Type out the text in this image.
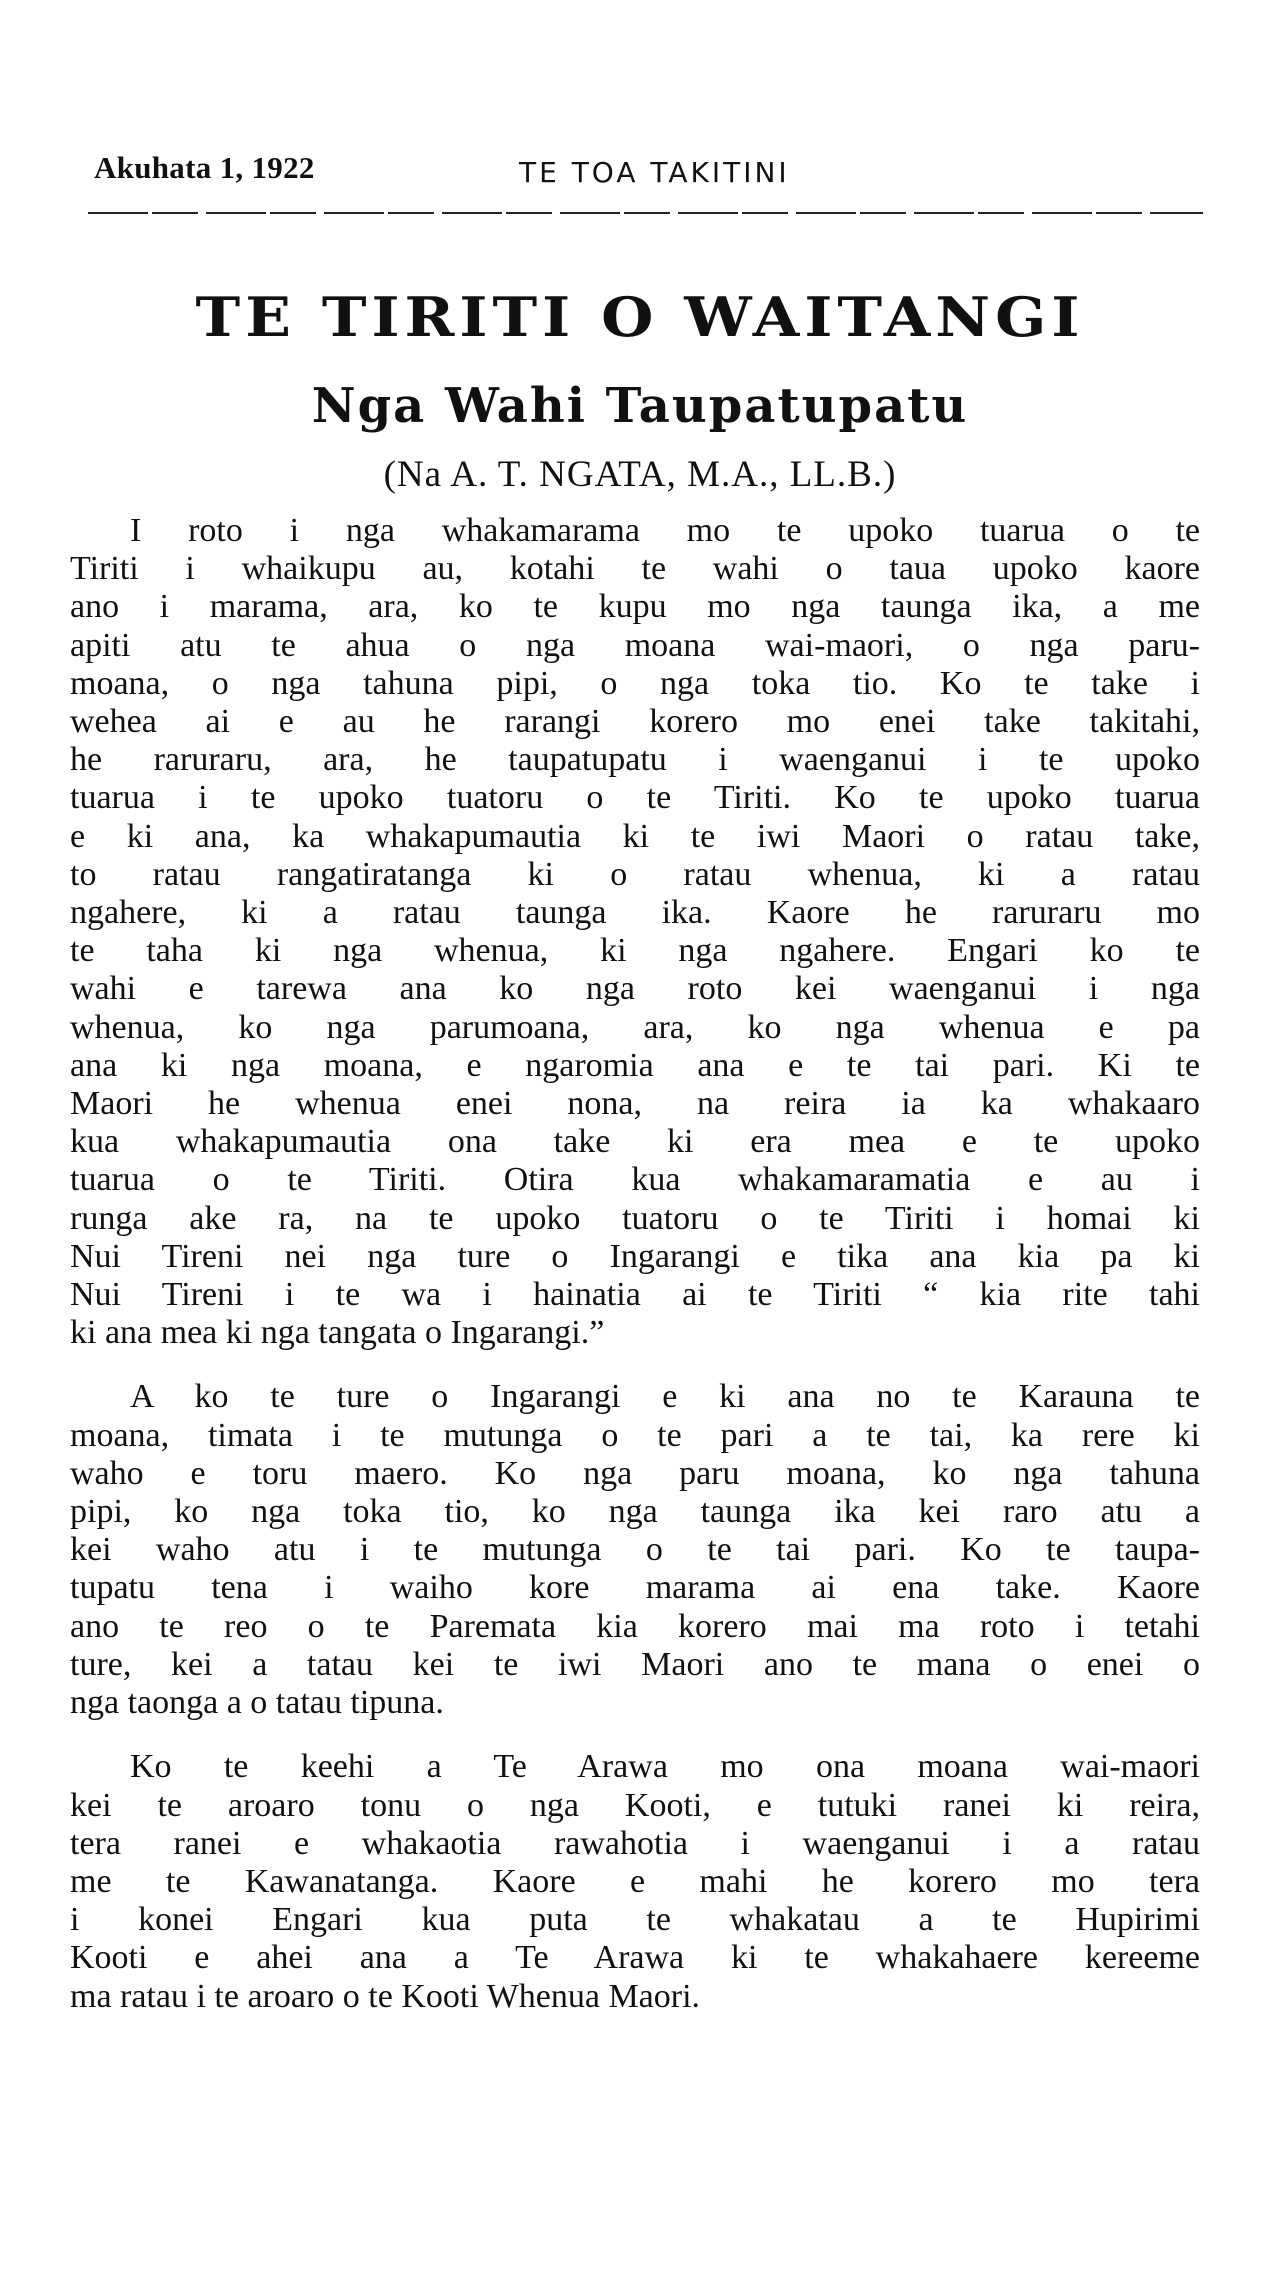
Akuhata 1, 1922	TE TOA TAKITINI
TE TIRITI O WAITANGI
Nga Wahi Taupatupatu
(Na A. T. NGATA, M.A., LL.B.)
I roto i nga whakamarama mo te upoko tuarua o te
Tiriti i whaikupu au, kotahi te wahi o taua upoko kaore
ano i marama, ara, ko te kupu mo nga taunga ika, a me
apiti atu te ahua o nga moana wai-maori, o nga paru-
moana, o nga tahuna pipi, o nga toka tio. Ko te take i
wehea ai e au he rarangi korero mo enei take takitahi,
he raruraru, ara, he taupatupatu i waenganui i te upoko
tuarua i te upoko tuatoru o te Tiriti. Ko te upoko tuarua
e ki ana, ka whakapumautia ki te iwi Maori o ratau take,
to ratau rangatiratanga ki o ratau whenua, ki a ratau
ngahere, ki a ratau taunga ika. Kaore he raruraru mo
te taha ki nga whenua, ki nga ngahere. Engari ko te
wahi e tarewa ana ko nga roto kei waenganui i nga
whenua, ko nga parumoana, ara, ko nga whenua e pa
ana ki nga moana, e ngaromia ana e te tai pari. Ki te
Maori he whenua enei nona, na reira ia ka whakaaro
kua whakapumautia ona take ki era mea e te upoko
tuarua o te Tiriti. Otira kua whakamaramatia e au i
runga ake ra, na te upoko tuatoru o te Tiriti i homai ki
Nui Tireni nei nga ture o Ingarangi e tika ana kia pa ki
Nui Tireni i te wa i hainatia ai te Tiriti “ kia rite tahi
ki ana mea ki nga tangata o Ingarangi.”
A ko te ture o Ingarangi e ki ana no te Karauna te
moana, timata i te mutunga o te pari a te tai, ka rere ki
waho e toru maero. Ko nga paru moana, ko nga tahuna
pipi, ko nga toka tio, ko nga taunga ika kei raro atu a
kei waho atu i te mutunga o te tai pari. Ko te taupa-
tupatu tena i waiho kore marama ai ena take. Kaore
ano te reo o te Paremata kia korero mai ma roto i tetahi
ture, kei a tatau kei te iwi Maori ano te mana o enei o
nga taonga a o tatau tipuna.
Ko te keehi a Te Arawa mo ona moana wai-maori
kei te aroaro tonu o nga Kooti, e tutuki ranei ki reira,
tera ranei e whakaotia rawahotia i waenganui i a ratau
me te Kawanatanga. Kaore e mahi he korero mo tera
i konei Engari kua puta te whakatau a te Hupirimi
Kooti e ahei ana a Te Arawa ki te whakahaere kereeme
ma ratau i te aroaro o te Kooti Whenua Maori.
